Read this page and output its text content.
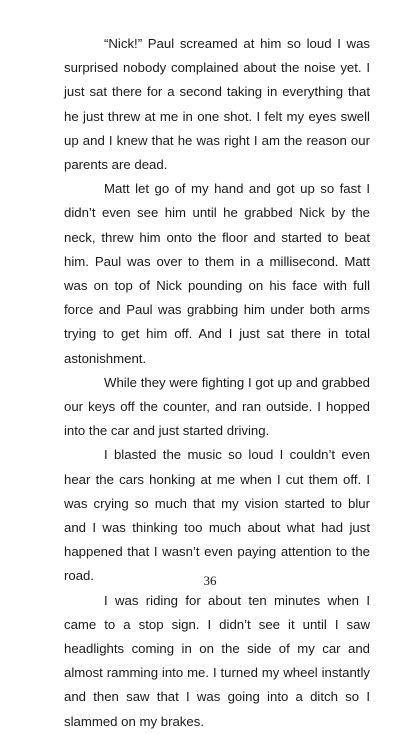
“Nick!” Paul screamed at him so loud I was surprised nobody complained about the noise yet. I just sat there for a second taking in everything that he just threw at me in one shot. I felt my eyes swell up and I knew that he was right I am the reason our parents are dead.

Matt let go of my hand and got up so fast I didn’t even see him until he grabbed Nick by the neck, threw him onto the floor and started to beat him. Paul was over to them in a millisecond. Matt was on top of Nick pounding on his face with full force and Paul was grabbing him under both arms trying to get him off. And I just sat there in total astonishment.

While they were fighting I got up and grabbed our keys off the counter, and ran outside. I hopped into the car and just started driving.

I blasted the music so loud I couldn’t even hear the cars honking at me when I cut them off. I was crying so much that my vision started to blur and I was thinking too much about what had just happened that I wasn’t even paying attention to the road.

I was riding for about ten minutes when I came to a stop sign. I didn’t see it until I saw headlights coming in on the side of my car and almost ramming into me. I turned my wheel instantly and then saw that I was going into a ditch so I slammed on my brakes.

36
